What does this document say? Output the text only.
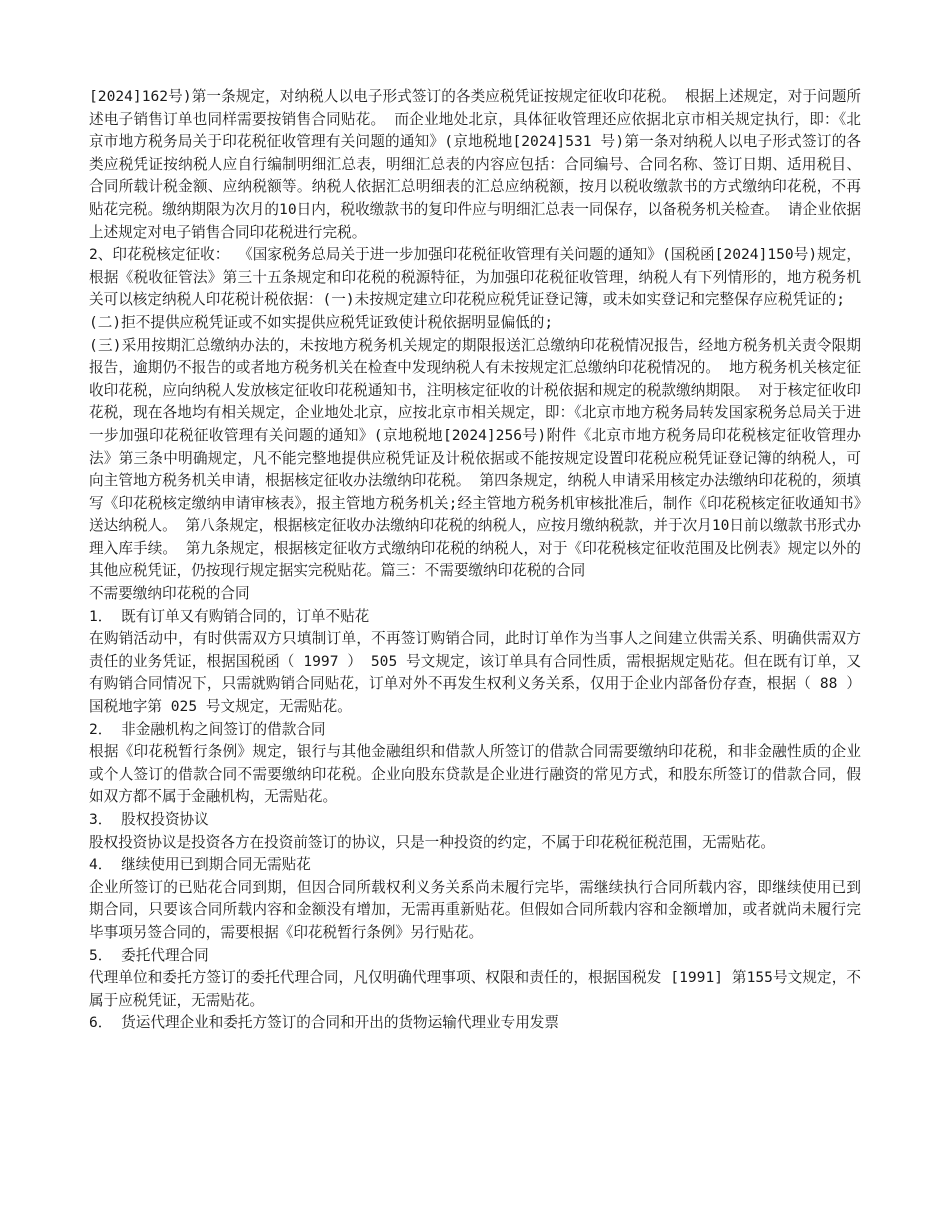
[2024]162号)第一条规定，对纳税人以电子形式签订的各类应税凭证按规定征收印花税。 根据上述规定，对于问题所述电子销售订单也同样需要按销售合同贴花。 而企业地处北京，具体征收管理还应依据北京市相关规定执行，即：《北京市地方税务局关于印花税征收管理有关问题的通知》(京地税地[2024]531 号)第一条对纳税人以电子形式签订的各类应税凭证按纳税人应自行编制明细汇总表，明细汇总表的内容应包括：合同编号、合同名称、签订日期、适用税目、合同所载计税金额、应纳税额等。纳税人依据汇总明细表的汇总应纳税额，按月以税收缴款书的方式缴纳印花税，不再贴花完税。缴纳期限为次月的10日内，税收缴款书的复印件应与明细汇总表一同保存，以备税务机关检查。 请企业依据上述规定对电子销售合同印花税进行完税。

2、印花税核定征收： 《国家税务总局关于进一步加强印花税征收管理有关问题的通知》(国税函[2024]150号)规定，根据《税收征管法》第三十五条规定和印花税的税源特征，为加强印花税征收管理，纳税人有下列情形的，地方税务机关可以核定纳税人印花税计税依据：(一)未按规定建立印花税应税凭证登记簿，或未如实登记和完整保存应税凭证的;

(二)拒不提供应税凭证或不如实提供应税凭证致使计税依据明显偏低的;

(三)采用按期汇总缴纳办法的，未按地方税务机关规定的期限报送汇总缴纳印花税情况报告，经地方税务机关责令限期报告，逾期仍不报告的或者地方税务机关在检查中发现纳税人有未按规定汇总缴纳印花税情况的。 地方税务机关核定征收印花税，应向纳税人发放核定征收印花税通知书，注明核定征收的计税依据和规定的税款缴纳期限。 对于核定征收印花税，现在各地均有相关规定，企业地处北京，应按北京市相关规定，即：《北京市地方税务局转发国家税务总局关于进一步加强印花税征收管理有关问题的通知》(京地税地[2024]256号)附件《北京市地方税务局印花税核定征收管理办法》第三条中明确规定，凡不能完整地提供应税凭证及计税依据或不能按规定设置印花税应税凭证登记簿的纳税人，可向主管地方税务机关申请，根据核定征收办法缴纳印花税。 第四条规定，纳税人申请采用核定办法缴纳印花税的，须填写《印花税核定缴纳申请审核表》，报主管地方税务机关;经主管地方税务机审核批准后，制作《印花税核定征收通知书》送达纳税人。 第八条规定，根据核定征收办法缴纳印花税的纳税人，应按月缴纳税款，并于次月10日前以缴款书形式办理入库手续。 第九条规定，根据核定征收方式缴纳印花税的纳税人，对于《印花税核定征收范围及比例表》规定以外的其他应税凭证，仍按现行规定据实完税贴花。篇三：不需要缴纳印花税的合同

不需要缴纳印花税的合同

1． 既有订单又有购销合同的，订单不贴花

在购销活动中，有时供需双方只填制订单，不再签订购销合同，此时订单作为当事人之间建立供需关系、明确供需双方责任的业务凭证，根据国税函（ 1997 ） 505 号文规定，该订单具有合同性质，需根据规定贴花。但在既有订单，又有购销合同情况下，只需就购销合同贴花，订单对外不再发生权利义务关系，仅用于企业内部备份存查，根据（ 88 ）国税地字第 025 号文规定，无需贴花。

2． 非金融机构之间签订的借款合同

根据《印花税暂行条例》规定，银行与其他金融组织和借款人所签订的借款合同需要缴纳印花税，和非金融性质的企业或个人签订的借款合同不需要缴纳印花税。企业向股东贷款是企业进行融资的常见方式，和股东所签订的借款合同，假如双方都不属于金融机构，无需贴花。

3． 股权投资协议

股权投资协议是投资各方在投资前签订的协议，只是一种投资的约定，不属于印花税征税范围，无需贴花。

4． 继续使用已到期合同无需贴花

企业所签订的已贴花合同到期，但因合同所载权利义务关系尚未履行完毕，需继续执行合同所载内容，即继续使用已到期合同，只要该合同所载内容和金额没有增加，无需再重新贴花。但假如合同所载内容和金额增加，或者就尚未履行完毕事项另签合同的，需要根据《印花税暂行条例》另行贴花。

5． 委托代理合同

代理单位和委托方签订的委托代理合同，凡仅明确代理事项、权限和责任的，根据国税发 [1991] 第155号文规定，不属于应税凭证，无需贴花。

6． 货运代理企业和委托方签订的合同和开出的货物运输代理业专用发票
